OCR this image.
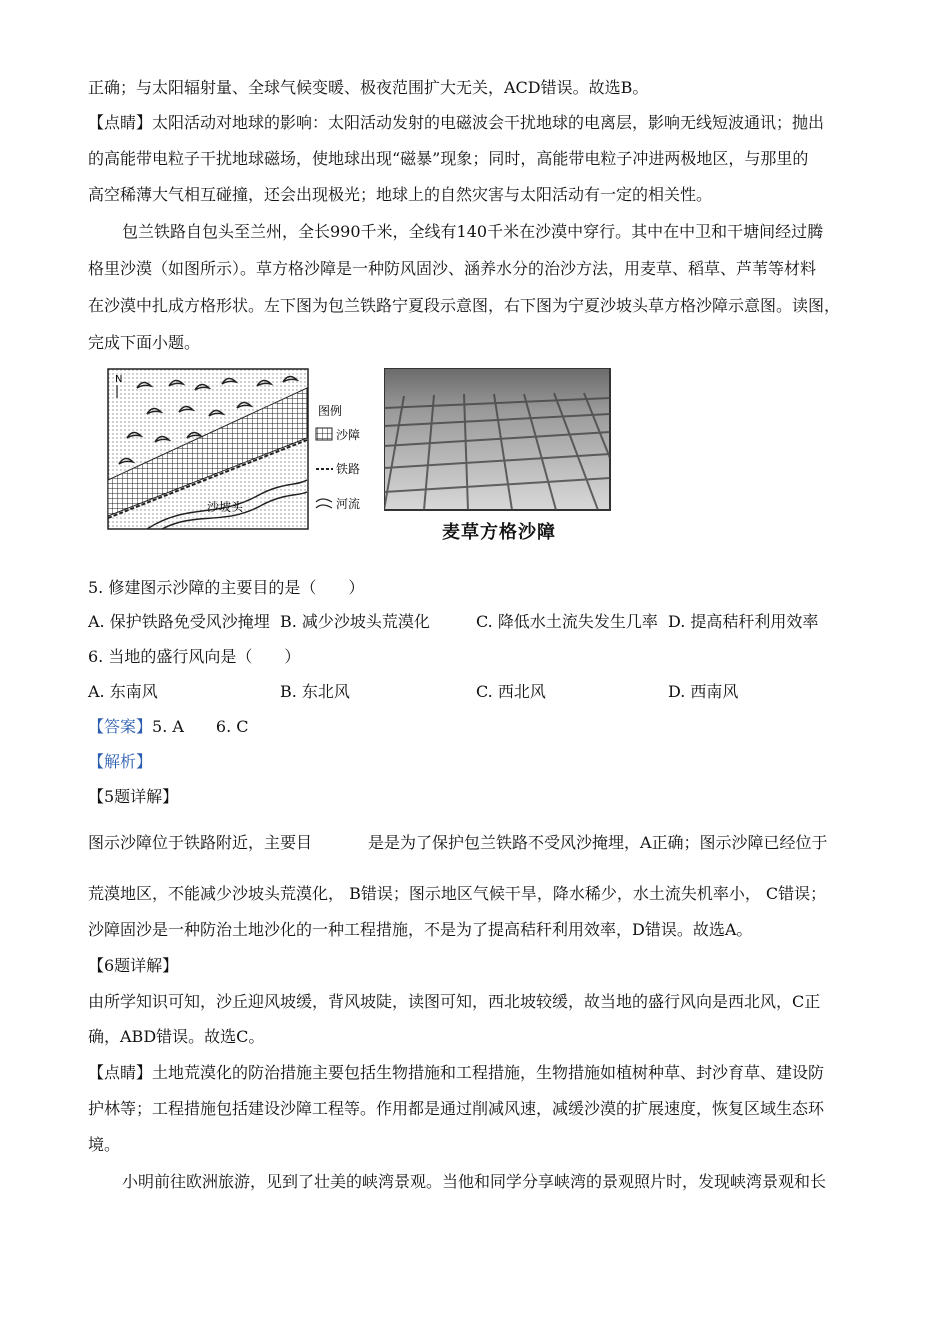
正确；与太阳辐射量、全球气候变暖、极夜范围扩大无关，ACD错误。故选B。
【点睛】太阳活动对地球的影响：太阳活动发射的电磁波会干扰地球的电离层，影响无线短波通讯；抛出
的高能带电粒子干扰地球磁场，使地球出现“磁暴”现象；同时，高能带电粒子冲进两极地区，与那里的
高空稀薄大气相互碰撞，还会出现极光；地球上的自然灾害与太阳活动有一定的相关性。
包兰铁路自包头至兰州，全长990千米，全线有140千米在沙漠中穿行。其中在中卫和干塘间经过腾
格里沙漠（如图所示）。草方格沙障是一种防风固沙、涵养水分的治沙方法，用麦草、稻草、芦苇等材料
在沙漠中扎成方格形状。左下图为包兰铁路宁夏段示意图，右下图为宁夏沙坡头草方格沙障示意图。读图，
完成下面小题。
N
沙坡头
图例
沙障
铁路
河流
麦草方格沙障
5. 修建图示沙障的主要目的是（　　）
A. 保护铁路免受风沙掩埋 B. 减少沙坡头荒漠化	C. 降低水土流失发生几率 D. 提高秸秆利用效率
6. 当地的盛行风向是（　　）
A. 东南风	B. 东北风	C. 西北风	D. 西南风
【答案】5. A　　6. C
【解析】
【5题详解】
图示沙障位于铁路附近，主要目	是是为了保护包兰铁路不受风沙掩埋，A正确；图示沙障已经位于
荒漠地区，不能减少沙坡头荒漠化， B错误；图示地区气候干旱，降水稀少，水土流失机率小， C错误；
沙障固沙是一种防治土地沙化的一种工程措施，不是为了提高秸秆利用效率，D错误。故选A。
【6题详解】
由所学知识可知，沙丘迎风坡缓，背风坡陡，读图可知，西北坡较缓，故当地的盛行风向是西北风，C正
确，ABD错误。故选C。
【点睛】土地荒漠化的防治措施主要包括生物措施和工程措施，生物措施如植树种草、封沙育草、建设防
护林等；工程措施包括建设沙障工程等。作用都是通过削减风速，减缓沙漠的扩展速度，恢复区域生态环
境。
小明前往欧洲旅游，见到了壮美的峡湾景观。当他和同学分享峡湾的景观照片时，发现峡湾景观和长
